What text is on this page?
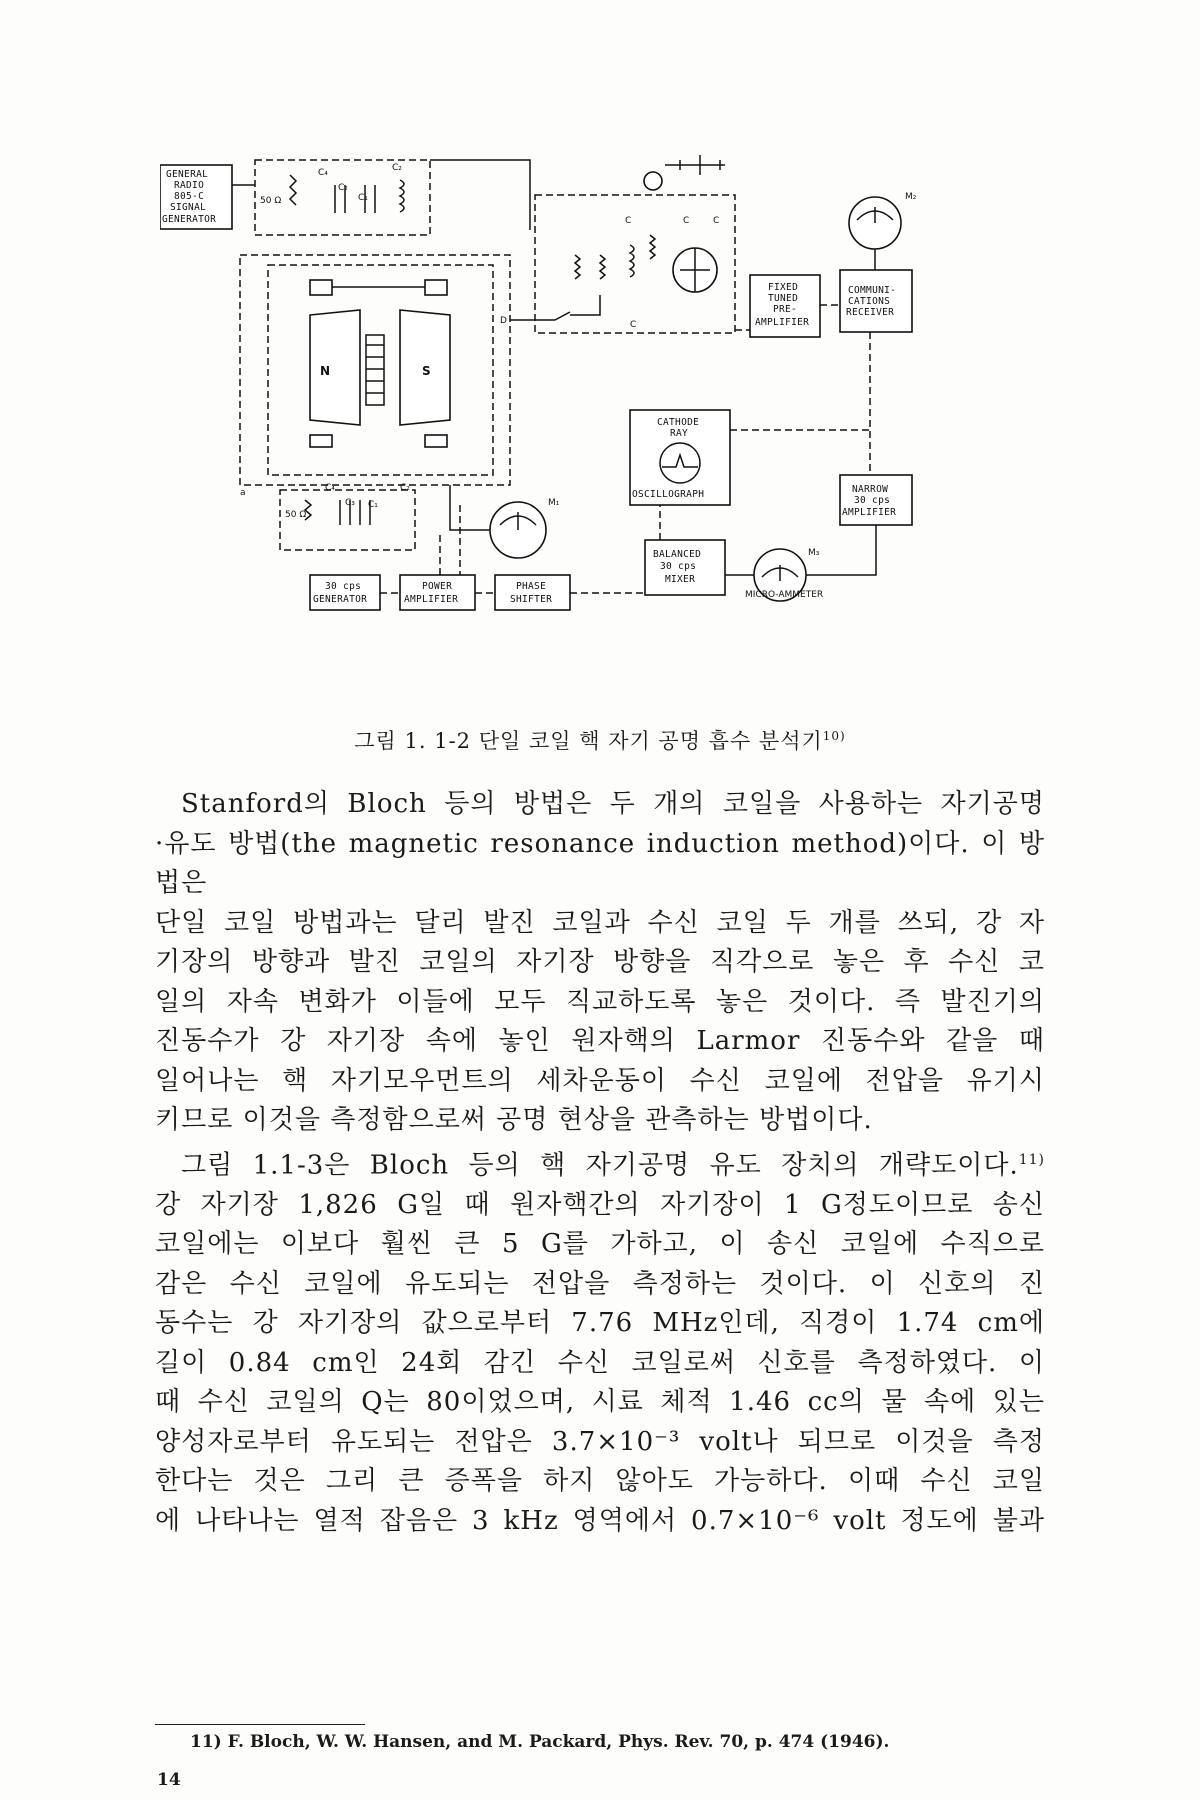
GENERAL
RADIO
805-C
SIGNAL
GENERATOR
50 Ω
C₄
C₂
C₁
C₂
N	S
a
50 Ω
C₄
C₃ C₁
C₂
M₁
D
C
C
C	C
FIXED
TUNED
PRE-
AMPLIFIER
COMMUNI-
CATIONS
RECEIVER
M₂
CATHODE
RAY
OSCILLOGRAPH	NARROW
30 cps
AMPLIFIER
BALANCED
30 cps
MIXER
M₃
MICRO-AMMETER
30 cps
GENERATOR
POWER
AMPLIFIER
PHASE
SHIFTER
그림 1. 1-2 단일 코일 핵 자기 공명 흡수 분석기$^{10)}$

Stanford의 Bloch 등의 방법은 두 개의 코일을 사용하는 자기공명

·유도 방법(the magnetic resonance induction method)이다. 이 방법은

단일 코일 방법과는 달리 발진 코일과 수신 코일 두 개를 쓰되, 강 자

기장의 방향과 발진 코일의 자기장 방향을 직각으로 놓은 후 수신 코

일의 자속 변화가 이들에 모두 직교하도록 놓은 것이다. 즉 발진기의

진동수가 강 자기장 속에 놓인 원자핵의 Larmor 진동수와 같을 때

일어나는 핵 자기모우먼트의 세차운동이 수신 코일에 전압을 유기시

키므로 이것을 측정함으로써 공명 현상을 관측하는 방법이다.

그림 1.1-3은 Bloch 등의 핵 자기공명 유도 장치의 개략도이다.$^{11)}$

강 자기장 1,826 G일 때 원자핵간의 자기장이 1 G정도이므로 송신

코일에는 이보다 훨씬 큰 5 G를 가하고, 이 송신 코일에 수직으로

감은 수신 코일에 유도되는 전압을 측정하는 것이다. 이 신호의 진

동수는 강 자기장의 값으로부터 7.76 MHz인데, 직경이 1.74 cm에

길이 0.84 cm인 24회 감긴 수신 코일로써 신호를 측정하였다. 이

때 수신 코일의 Q는 80이었으며, 시료 체적 1.46 cc의 물 속에 있는

양성자로부터 유도되는 전압은 3.7×10⁻³ volt나 되므로 이것을 측정

한다는 것은 그리 큰 증폭을 하지 않아도 가능하다. 이때 수신 코일

에 나타나는 열적 잡음은 3 kHz 영역에서 0.7×10⁻⁶ volt 정도에 불과

11) F. Bloch, W. W. Hansen, and M. Packard, Phys. Rev. 70, p. 474 (1946).
14
